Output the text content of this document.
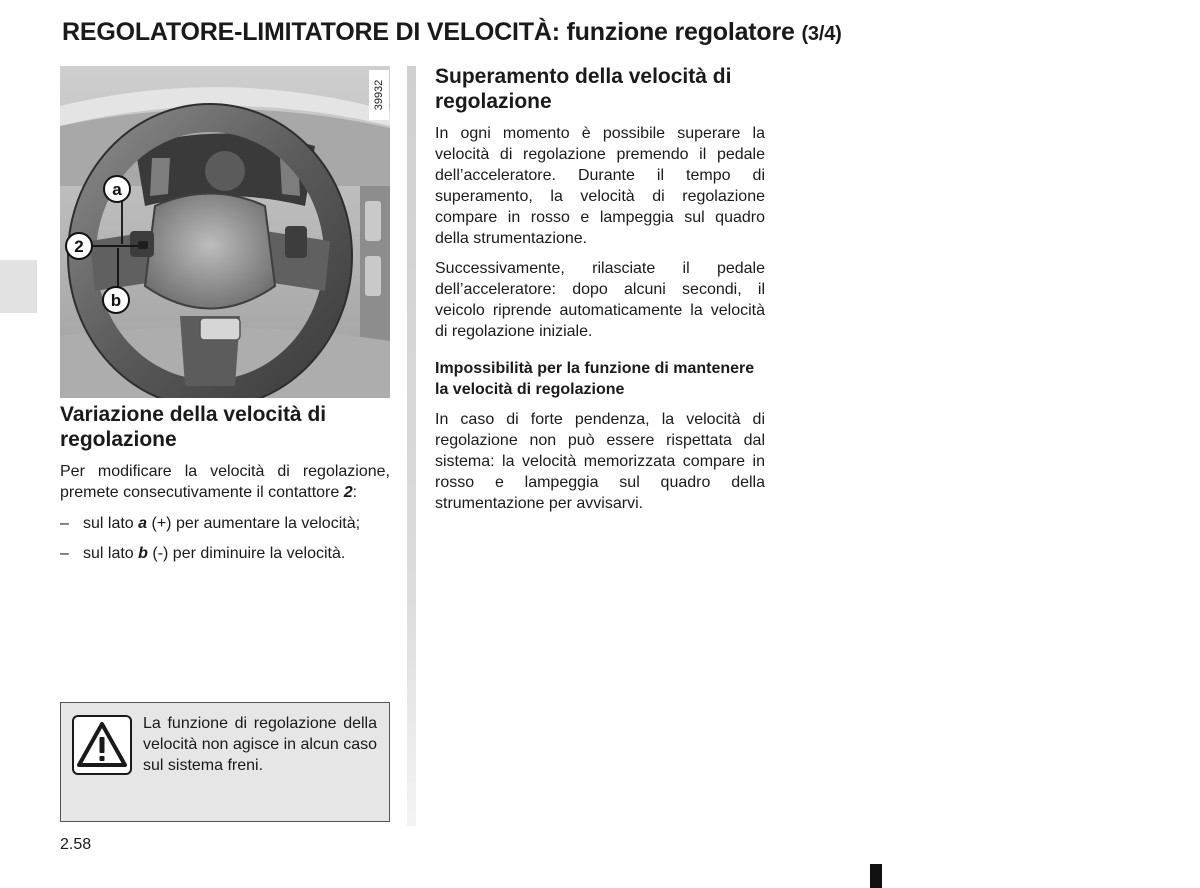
REGOLATORE-LIMITATORE DI VELOCITÀ: funzione regolatore (3/4)
a
2
b
39932
Variazione della velocità di regolazione

Per modificare la velocità di regolazione, premete consecutivamente il contattore 2:

– sul lato a (+) per aumentare la velocità;
– sul lato b (-) per diminuire la velocità.
La funzione di regolazione della velocità non agisce in alcun caso sul sistema freni.
Superamento della velocità di regolazione

In ogni momento è possibile superare la velocità di regolazione premendo il pedale dell’acceleratore. Durante il tempo di superamento, la velocità di regolazione compare in rosso e lampeggia sul quadro della strumentazione.

Successivamente, rilasciate il pedale dell’acceleratore: dopo alcuni secondi, il veicolo riprende automaticamente la velocità di regolazione iniziale.

Impossibilità per la funzione di mantenere la velocità di regolazione

In caso di forte pendenza, la velocità di regolazione non può essere rispettata dal sistema: la velocità memorizzata compare in rosso e lampeggia sul quadro della strumentazione per avvisarvi.

2.58
